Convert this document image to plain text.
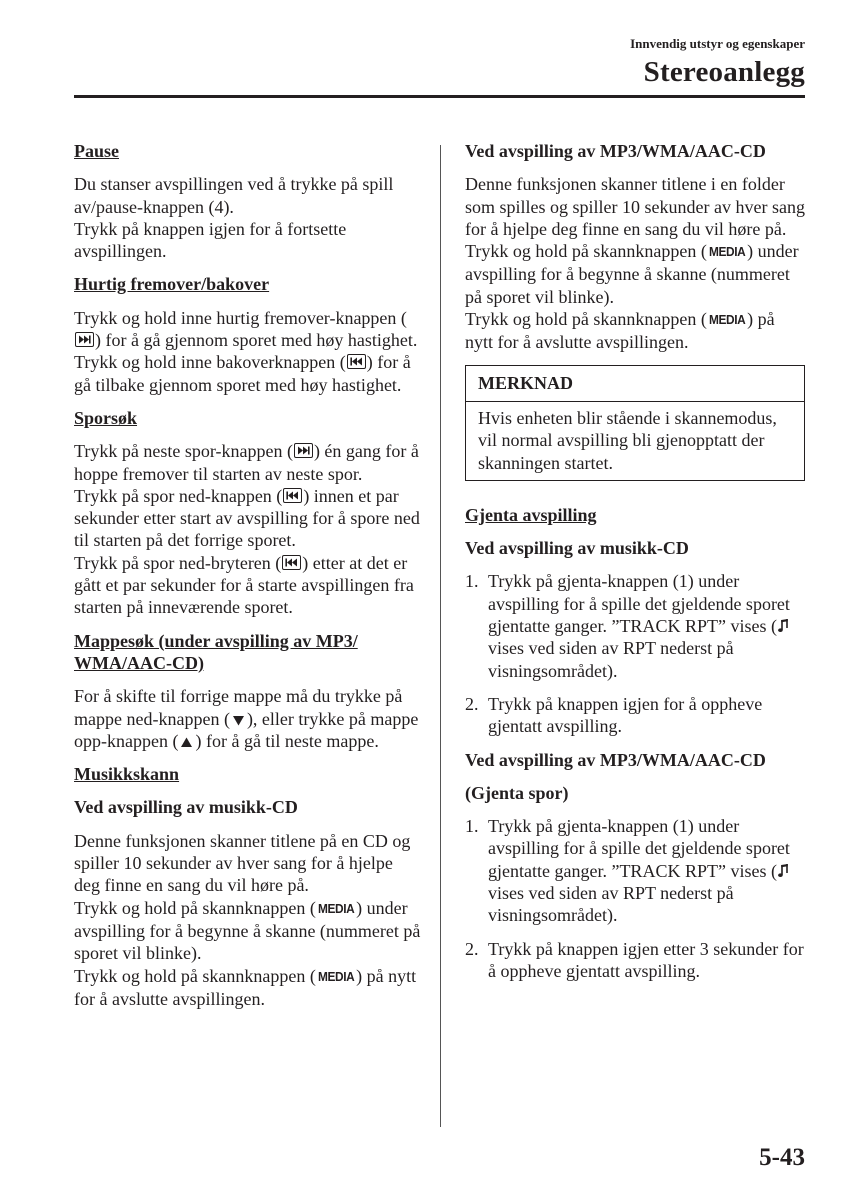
Innvendig utstyr og egenskaper
Stereoanlegg
Pause

Du stanser avspillingen ved å trykke på spill av/pause-knappen (4).
Trykk på knappen igjen for å fortsette avspillingen.

Hurtig fremover/bakover

Trykk og hold inne hurtig fremover-knappen (
) for å gå gjennom sporet med høy hastighet. Trykk og hold inne bakoverknappen ( ) for å gå tilbake gjennom sporet med høy hastighet.

Sporsøk

Trykk på neste spor-knappen ( ) én gang for å hoppe fremover til starten av neste spor.
Trykk på spor ned-knappen ( ) innen et par sekunder etter start av avspilling for å spore ned til starten på det forrige sporet.
Trykk på spor ned-bryteren ( ) etter at det er gått et par sekunder for å starte avspillingen fra starten på inneværende sporet.

Mappesøk (under avspilling av MP3/ WMA/AAC-CD)

For å skifte til forrige mappe må du trykke på mappe ned-knappen ( ), eller trykke på mappe opp-knappen ( ) for å gå til neste mappe.

Musikkskann
Ved avspilling av musikk-CD

Denne funksjonen skanner titlene på en CD og spiller 10 sekunder av hver sang for å hjelpe deg finne en sang du vil høre på.
Trykk og hold på skannknappen ( MEDIA ) under avspilling for å begynne å skanne (nummeret på sporet vil blinke).
Trykk og hold på skannknappen ( MEDIA ) på nytt for å avslutte avspillingen.

Ved avspilling av MP3/WMA/AAC-CD

Denne funksjonen skanner titlene i en folder som spilles og spiller 10 sekunder av hver sang for å hjelpe deg finne en sang du vil høre på. Trykk og hold på skannknappen ( MEDIA ) under avspilling for å begynne å skanne (nummeret på sporet vil blinke).
Trykk og hold på skannknappen ( MEDIA ) på nytt for å avslutte avspillingen.

MERKNAD
Hvis enheten blir stående i skannemodus, vil normal avspilling bli gjenopptatt der skanningen startet.
Gjenta avspilling
Ved avspilling av musikk-CD
1. Trykk på gjenta-knappen (1) under avspilling for å spille det gjeldende sporet gjentatte ganger. ”TRACK RPT” vises (
vises ved siden av RPT nederst på visningsområdet).
2. Trykk på knappen igjen for å oppheve gjentatt avspilling.
Ved avspilling av MP3/WMA/AAC-CD
(Gjenta spor)
1. Trykk på gjenta-knappen (1) under avspilling for å spille det gjeldende sporet gjentatte ganger. ”TRACK RPT” vises (
vises ved siden av RPT nederst på visningsområdet).
2. Trykk på knappen igjen etter 3 sekunder for å oppheve gjentatt avspilling.
5-43
